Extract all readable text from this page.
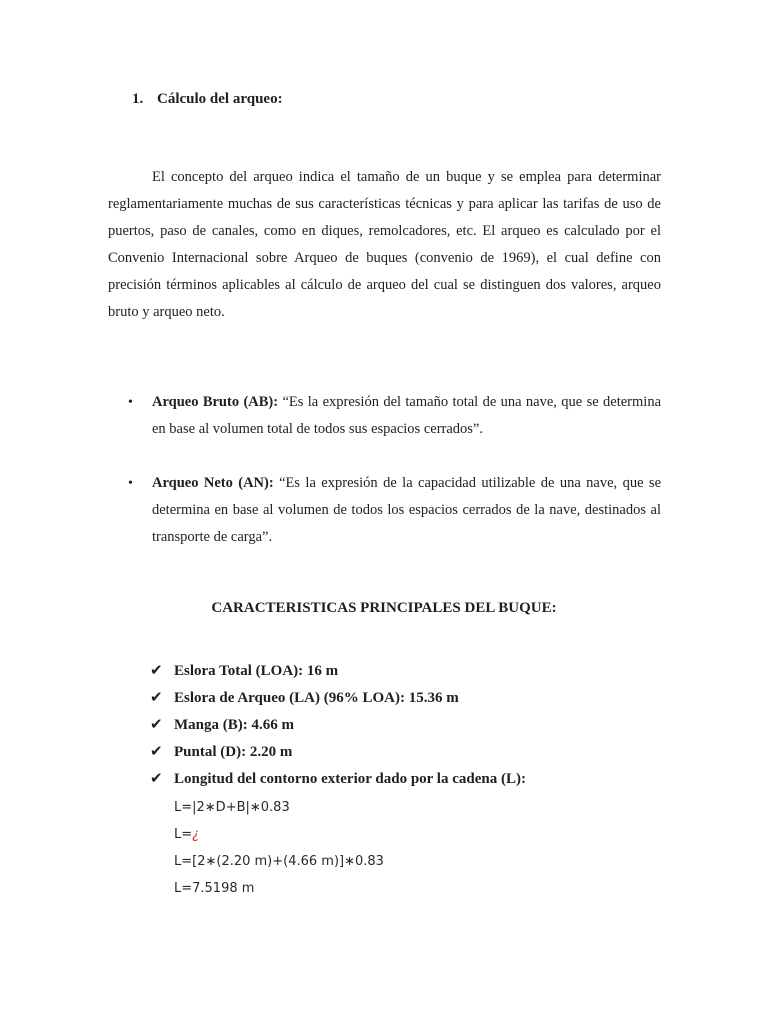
1. Cálculo del arqueo:
El concepto del arqueo indica el tamaño de un buque y se emplea para determinar reglamentariamente muchas de sus características técnicas y para aplicar las tarifas de uso de puertos, paso de canales, como en diques, remolcadores, etc. El arqueo es calculado por el Convenio Internacional sobre Arqueo de buques (convenio de 1969), el cual define con precisión términos aplicables al cálculo de arqueo del cual se distinguen dos valores, arqueo bruto y arqueo neto.
• Arqueo Bruto (AB): “Es la expresión del tamaño total de una nave, que se determina en base al volumen total de todos sus espacios cerrados”.
• Arqueo Neto (AN): “Es la expresión de la capacidad utilizable de una nave, que se determina en base al volumen de todos los espacios cerrados de la nave, destinados al transporte de carga”.
CARACTERISTICAS PRINCIPALES DEL BUQUE:
✔ Eslora Total (LOA): 16 m
✔ Eslora de Arqueo (LA) (96% LOA): 15.36 m
✔ Manga (B): 4.66 m
✔ Puntal (D): 2.20 m
✔ Longitud del contorno exterior dado por la cadena (L):
L=|2∗D+B|∗0.83
L=¿
L=[2∗(2.20 m)+(4.66 m)]∗0.83
L=7.5198 m
